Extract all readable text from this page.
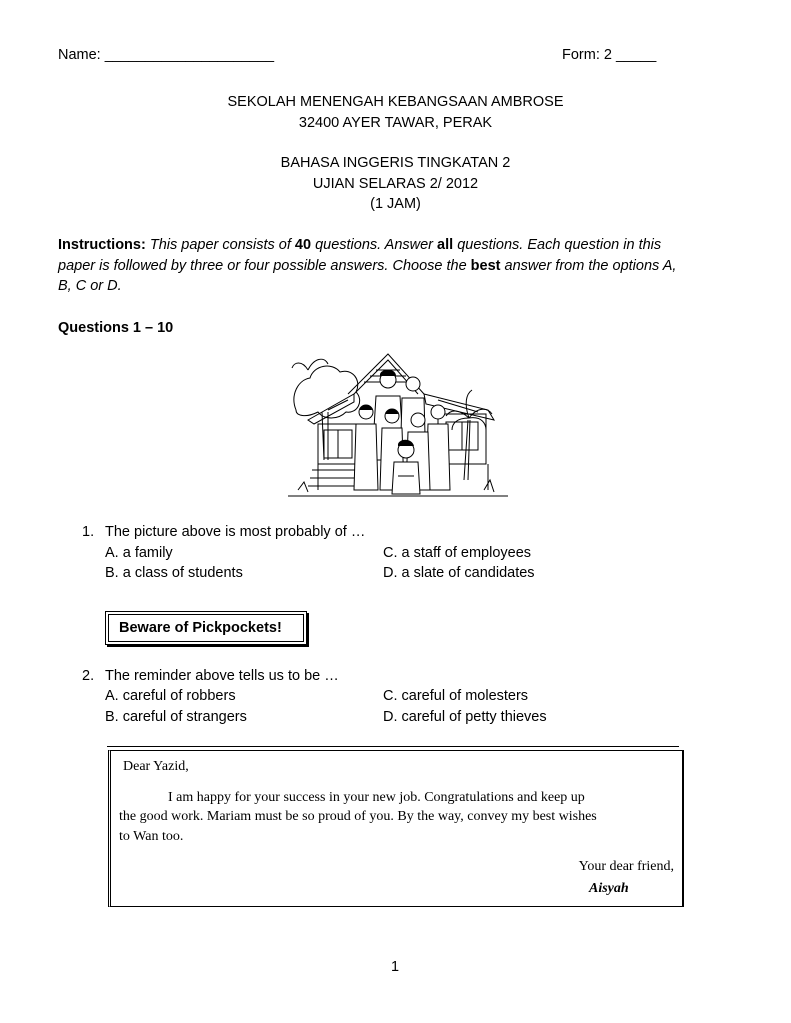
Name: _____________________	Form: 2 _____
SEKOLAH MENENGAH KEBANGSAAN AMBROSE
32400 AYER TAWAR, PERAK
BAHASA INGGERIS TINGKATAN 2
UJIAN SELARAS 2/ 2012
(1 JAM)
Instructions: This paper consists of 40 questions. Answer all questions. Each question in this
paper is followed by three or four possible answers. Choose the best answer from the options A,
B, C or D.
Questions 1 – 10
1. The picture above is most probably of …
A. a family	C. a staff of employees
B. a class of students	D. a slate of candidates
Beware of Pickpockets!
2. The reminder above tells us to be …
A. careful of robbers	C. careful of molesters
B. careful of strangers	D. careful of petty thieves
Dear Yazid,
I am happy for your success in your new job. Congratulations and keep up
the good work. Mariam must be so proud of you. By the way, convey my best wishes
to Wan too.
Your dear friend,
Aisyah
1
